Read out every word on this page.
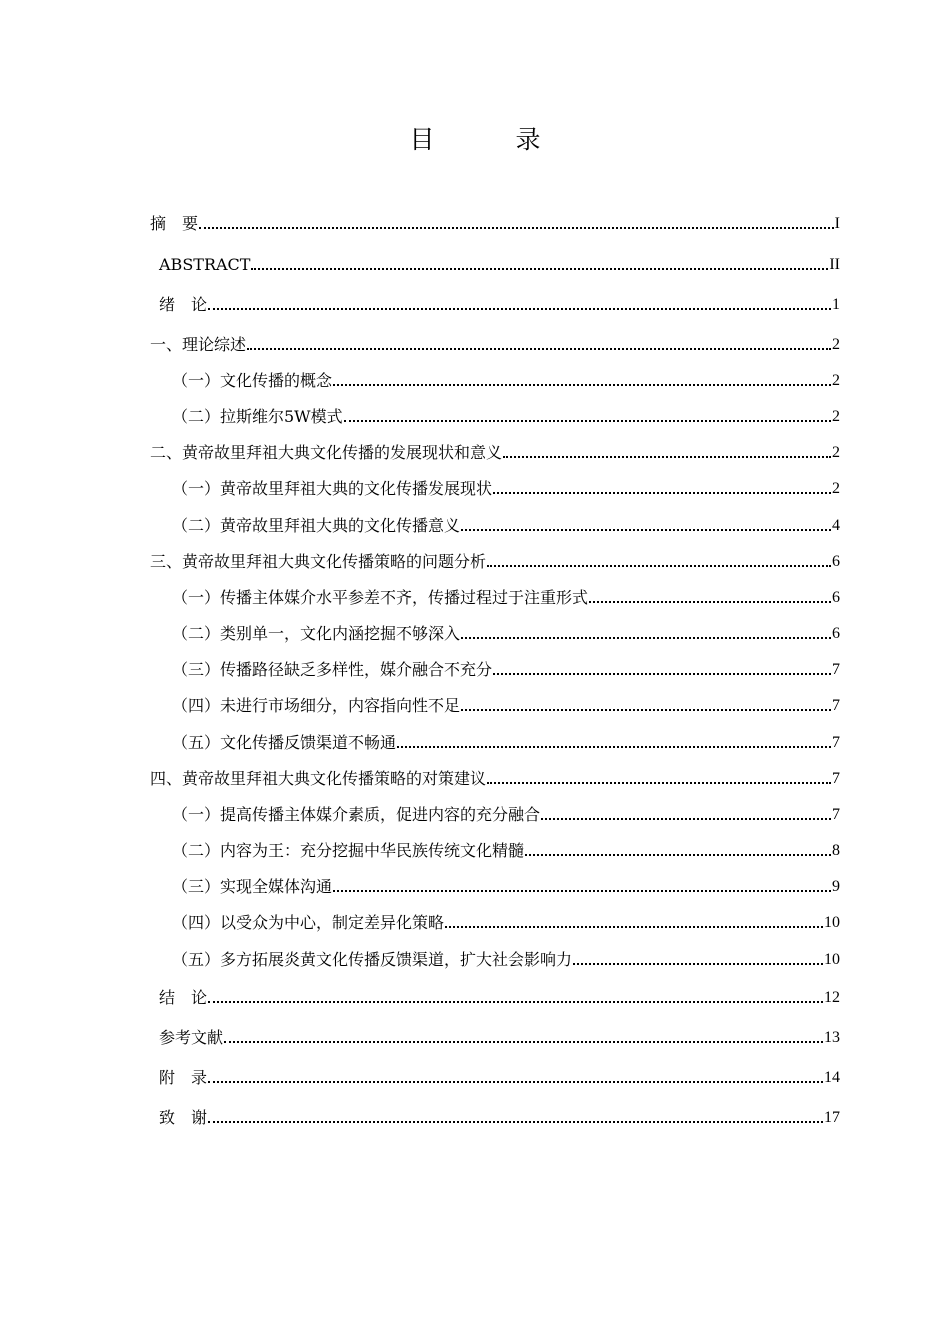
目　录
摘　要	I
ABSTRACT	II
绪　论	1
一、理论综述	2
（一）文化传播的概念	2
（二）拉斯维尔5W模式	2
二、黄帝故里拜祖大典文化传播的发展现状和意义	2
（一）黄帝故里拜祖大典的文化传播发展现状	2
（二）黄帝故里拜祖大典的文化传播意义	4
三、黄帝故里拜祖大典文化传播策略的问题分析	6
（一）传播主体媒介水平参差不齐，传播过程过于注重形式	6
（二）类别单一，文化内涵挖掘不够深入	6
（三）传播路径缺乏多样性，媒介融合不充分	7
（四）未进行市场细分，内容指向性不足	7
（五）文化传播反馈渠道不畅通	7
四、黄帝故里拜祖大典文化传播策略的对策建议	7
（一）提高传播主体媒介素质，促进内容的充分融合	7
（二）内容为王：充分挖掘中华民族传统文化精髓	8
（三）实现全媒体沟通	9
（四）以受众为中心，制定差异化策略	10
（五）多方拓展炎黄文化传播反馈渠道，扩大社会影响力	10
结　论	12
参考文献	13
附　录	14
致　谢	17
